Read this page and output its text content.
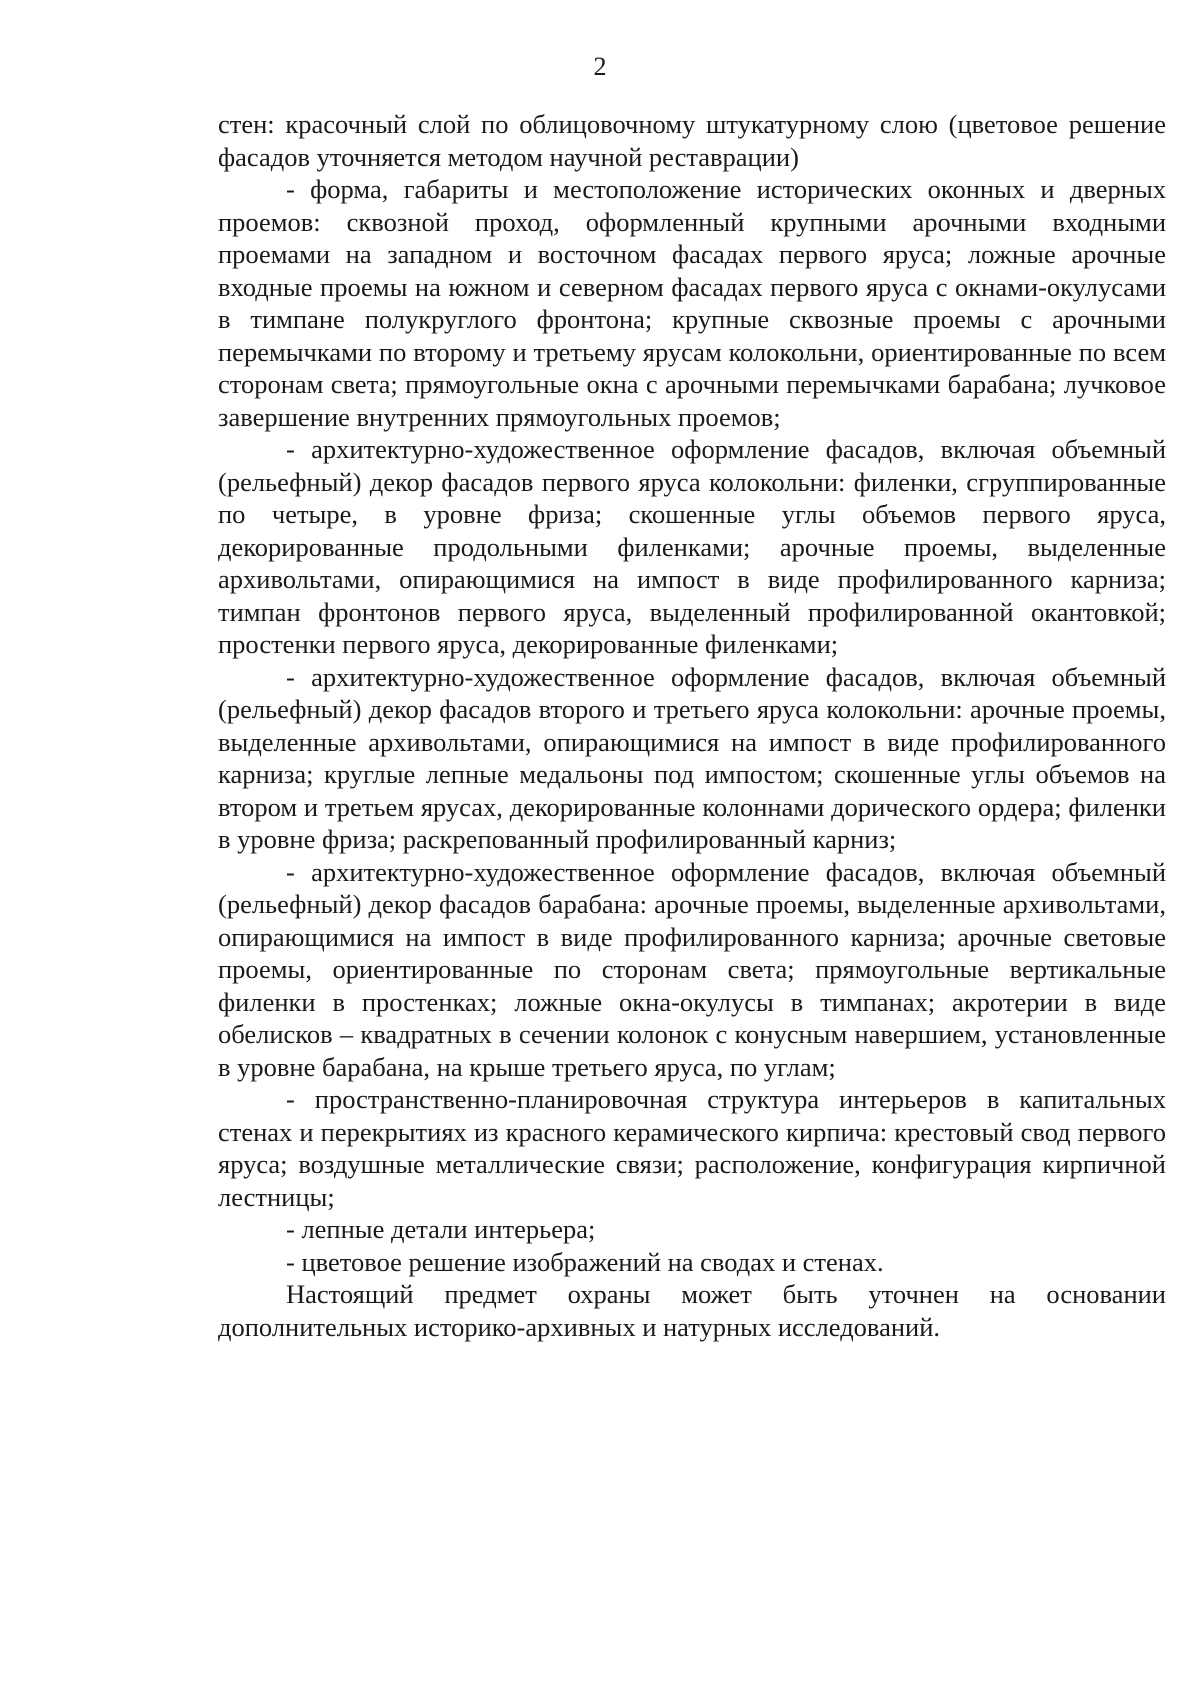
2

стен: красочный слой по облицовочному штукатурному слою (цветовое решение фасадов уточняется методом научной реставрации)

- форма, габариты и местоположение исторических оконных и дверных проемов: сквозной проход, оформленный крупными арочными входными проемами на западном и восточном фасадах первого яруса; ложные арочные входные проемы на южном и северном фасадах первого яруса с окнами-окулусами в тимпане полукруглого фронтона; крупные сквозные проемы с арочными перемычками по второму и третьему ярусам колокольни, ориентированные по всем сторонам света; прямоугольные окна с арочными перемычками барабана; лучковое завершение внутренних прямоугольных проемов;

- архитектурно-художественное оформление фасадов, включая объемный (рельефный) декор фасадов первого яруса колокольни: филенки, сгруппированные по четыре, в уровне фриза; скошенные углы объемов первого яруса, декорированные продольными филенками; арочные проемы, выделенные архивольтами, опирающимися на импост в виде профилированного карниза; тимпан фронтонов первого яруса, выделенный профилированной окантовкой; простенки первого яруса, декорированные филенками;

- архитектурно-художественное оформление фасадов, включая объемный (рельефный) декор фасадов второго и третьего яруса колокольни: арочные проемы, выделенные архивольтами, опирающимися на импост в виде профилированного карниза; круглые лепные медальоны под импостом; скошенные углы объемов на втором и третьем ярусах, декорированные колоннами дорического ордера; филенки в уровне фриза; раскрепованный профилированный карниз;

- архитектурно-художественное оформление фасадов, включая объемный (рельефный) декор фасадов барабана: арочные проемы, выделенные архивольтами, опирающимися на импост в виде профилированного карниза; арочные световые проемы, ориентированные по сторонам света; прямоугольные вертикальные филенки в простенках; ложные окна-окулусы в тимпанах; акротерии в виде обелисков – квадратных в сечении колонок с конусным навершием, установленные в уровне барабана, на крыше третьего яруса, по углам;

- пространственно-планировочная структура интерьеров в капитальных стенах и перекрытиях из красного керамического кирпича: крестовый свод первого яруса; воздушные металлические связи; расположение, конфигурация кирпичной лестницы;

- лепные детали интерьера;

- цветовое решение изображений на сводах и стенах.

Настоящий предмет охраны может быть уточнен на основании дополнительных историко-архивных и натурных исследований.
